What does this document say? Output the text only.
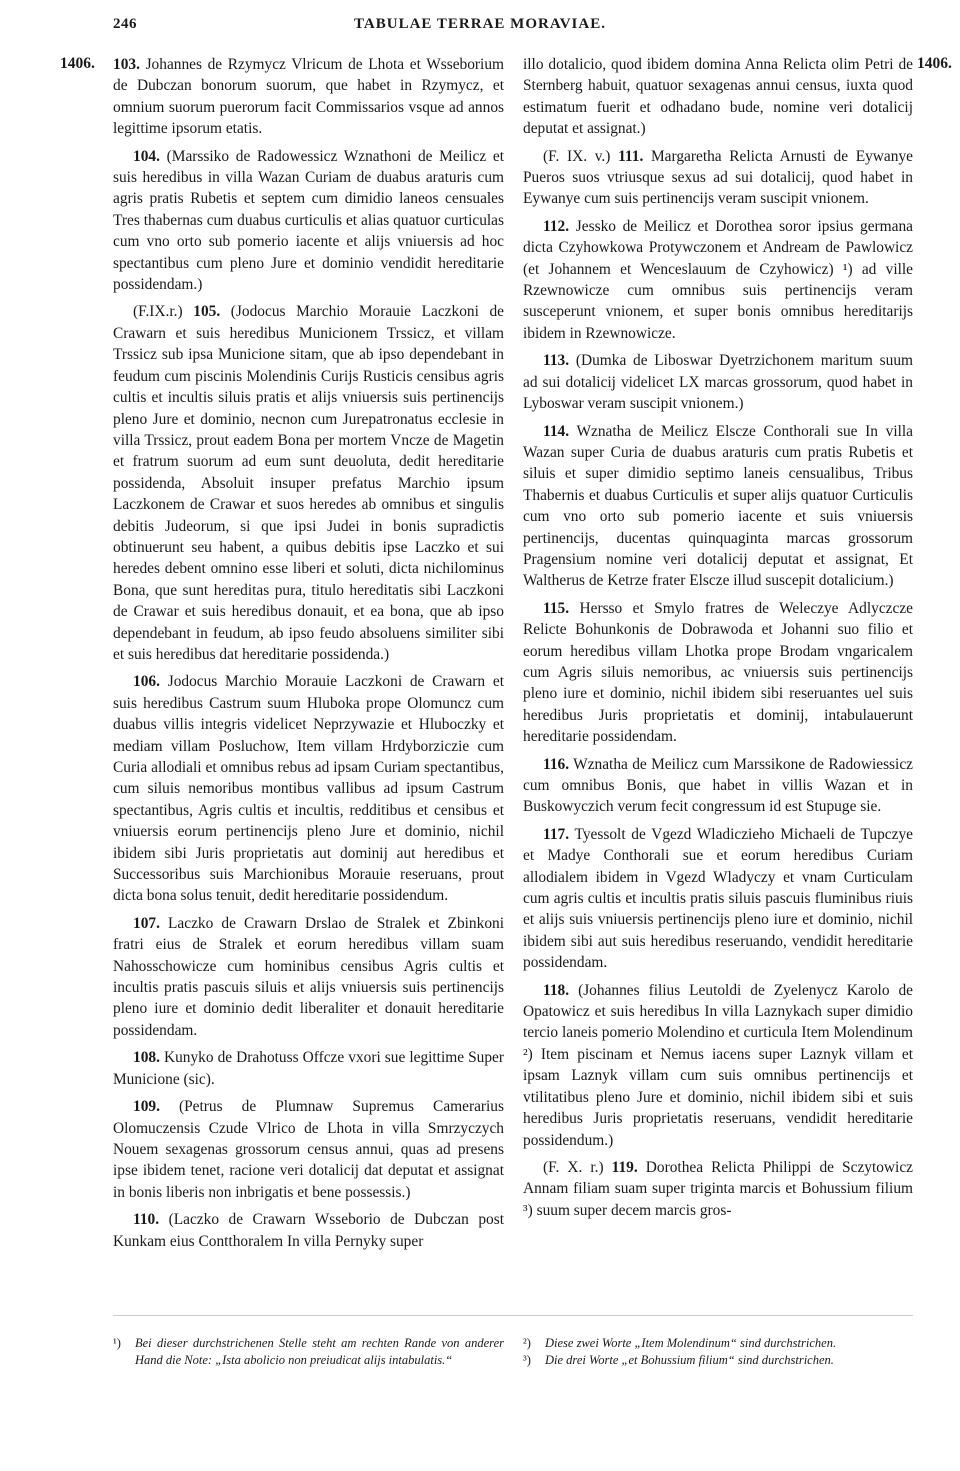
246	TABULAE TERRAE MORAVIAE.
1406.	1406.

103. Johannes de Rzymycz Vlricum de Lhota et Wsseborium de Dubczan bonorum suorum, que habet in Rzymycz, et omnium suorum puerorum facit Commissarios vsque ad annos legittime ipsorum etatis.

104. (Marssiko de Radowessicz Wznathoni de Meilicz et suis heredibus in villa Wazan Curiam de duabus araturis cum agris pratis Rubetis et septem cum dimidio laneos censuales Tres thabernas cum duabus curticulis et alias quatuor curticulas cum vno orto sub pomerio iacente et alijs vniuersis ad hoc spectantibus cum pleno Jure et dominio vendidit hereditarie possidendam.)

(F.IX.r.) 105. (Jodocus Marchio Morauie Laczkoni de Crawarn et suis heredibus Municionem Trssicz, et villam Trssicz sub ipsa Municione sitam, que ab ipso dependebant in feudum cum piscinis Molendinis Curijs Rusticis censibus agris cultis et incultis siluis pratis et alijs vniuersis suis pertinencijs pleno Jure et dominio, necnon cum Jurepatronatus ecclesie in villa Trssicz, prout eadem Bona per mortem Vncze de Magetin et fratrum suorum ad eum sunt deuoluta, dedit hereditarie possidenda, Absoluit insuper prefatus Marchio ipsum Laczkonem de Crawar et suos heredes ab omnibus et singulis debitis Judeorum, si que ipsi Judei in bonis supradictis obtinuerunt seu habent, a quibus debitis ipse Laczko et sui heredes debent omnino esse liberi et soluti, dicta nichilominus Bona, que sunt hereditas pura, titulo hereditatis sibi Laczkoni de Crawar et suis heredibus donauit, et ea bona, que ab ipso dependebant in feudum, ab ipso feudo absoluens similiter sibi et suis heredibus dat hereditarie possidenda.)

106. Jodocus Marchio Morauie Laczkoni de Crawarn et suis heredibus Castrum suum Hluboka prope Olomuncz cum duabus villis integris videlicet Neprzywazie et Hluboczky et mediam villam Posluchow, Item villam Hrdyborziczie cum Curia allodiali et omnibus rebus ad ipsam Curiam spectantibus, cum siluis nemoribus montibus vallibus ad ipsum Castrum spectantibus, Agris cultis et incultis, redditibus et censibus et vniuersis eorum pertinencijs pleno Jure et dominio, nichil ibidem sibi Juris proprietatis aut dominij aut heredibus et Successoribus suis Marchionibus Morauie reseruans, prout dicta bona solus tenuit, dedit hereditarie possidendum.

107. Laczko de Crawarn Drslao de Stralek et Zbinkoni fratri eius de Stralek et eorum heredibus villam suam Nahosschowicze cum hominibus censibus Agris cultis et incultis pratis pascuis siluis et alijs vniuersis suis pertinencijs pleno iure et dominio dedit liberaliter et donauit hereditarie possidendam.

108. Kunyko de Drahotuss Offcze vxori sue legittime Super Municione (sic).

109. (Petrus de Plumnaw Supremus Camerarius Olomuczensis Czude Vlrico de Lhota in villa Smrzyczych Nouem sexagenas grossorum census annui, quas ad presens ipse ibidem tenet, racione veri dotalicij dat deputat et assignat in bonis liberis non inbrigatis et bene possessis.)

110. (Laczko de Crawarn Wsseborio de Dubczan post Kunkam eius Contthoralem In villa Pernyky super

illo dotalicio, quod ibidem domina Anna Relicta olim Petri de Sternberg habuit, quatuor sexagenas annui census, iuxta quod estimatum fuerit et odhadano bude, nomine veri dotalicij deputat et assignat.)

(F. IX. v.) 111. Margaretha Relicta Arnusti de Eywanye Pueros suos vtriusque sexus ad sui dotalicij, quod habet in Eywanye cum suis pertinencijs veram suscipit vnionem.

112. Jessko de Meilicz et Dorothea soror ipsius germana dicta Czyhowkowa Protywczonem et Andream de Pawlowicz (et Johannem et Wenceslauum de Czyhowicz) ¹) ad ville Rzewnowicze cum omnibus suis pertinencijs veram susceperunt vnionem, et super bonis omnibus hereditarijs ibidem in Rzewnowicze.

113. (Dumka de Liboswar Dyetrzichonem maritum suum ad sui dotalicij videlicet LX marcas grossorum, quod habet in Lyboswar veram suscipit vnionem.)

114. Wznatha de Meilicz Elscze Conthorali sue In villa Wazan super Curia de duabus araturis cum pratis Rubetis et siluis et super dimidio septimo laneis censualibus, Tribus Thabernis et duabus Curticulis et super alijs quatuor Curticulis cum vno orto sub pomerio iacente et suis vniuersis pertinencijs, ducentas quinquaginta marcas grossorum Pragensium nomine veri dotalicij deputat et assignat, Et Waltherus de Ketrze frater Elscze illud suscepit dotalicium.)

115. Hersso et Smylo fratres de Weleczye Adlyczcze Relicte Bohunkonis de Dobrawoda et Johanni suo filio et eorum heredibus villam Lhotka prope Brodam vngaricalem cum Agris siluis nemoribus, ac vniuersis suis pertinencijs pleno iure et dominio, nichil ibidem sibi reseruantes uel suis heredibus Juris proprietatis et dominij, intabulauerunt hereditarie possidendam.

116. Wznatha de Meilicz cum Marssikone de Radowiessicz cum omnibus Bonis, que habet in villis Wazan et in Buskowyczich verum fecit congressum id est Stupuge sie.

117. Tyessolt de Vgezd Wladiczieho Michaeli de Tupczye et Madye Conthorali sue et eorum heredibus Curiam allodialem ibidem in Vgezd Wladyczy et vnam Curticulam cum agris cultis et incultis pratis siluis pascuis fluminibus riuis et alijs suis vniuersis pertinencijs pleno iure et dominio, nichil ibidem sibi aut suis heredibus reseruando, vendidit hereditarie possidendam.

118. (Johannes filius Leutoldi de Zyelenycz Karolo de Opatowicz et suis heredibus In villa Laznykach super dimidio tercio laneis pomerio Molendino et curticula Item Molendinum ²) Item piscinam et Nemus iacens super Laznyk villam et ipsam Laznyk villam cum suis omnibus pertinencijs et vtilitatibus pleno Jure et dominio, nichil ibidem sibi et suis heredibus Juris proprietatis reseruans, vendidit hereditarie possidendum.)

(F. X. r.) 119. Dorothea Relicta Philippi de Sczytowicz Annam filiam suam super triginta marcis et Bohussium filium ³) suum super decem marcis gros-

¹) Bei dieser durchstrichenen Stelle steht am rechten Rande von anderer Hand die Note: „Ista abolicio non preiudicat alijs intabulatis.“

²) Diese zwei Worte „Item Molendinum“ sind durchstrichen.

³) Die drei Worte „et Bohussium filium“ sind durchstrichen.
